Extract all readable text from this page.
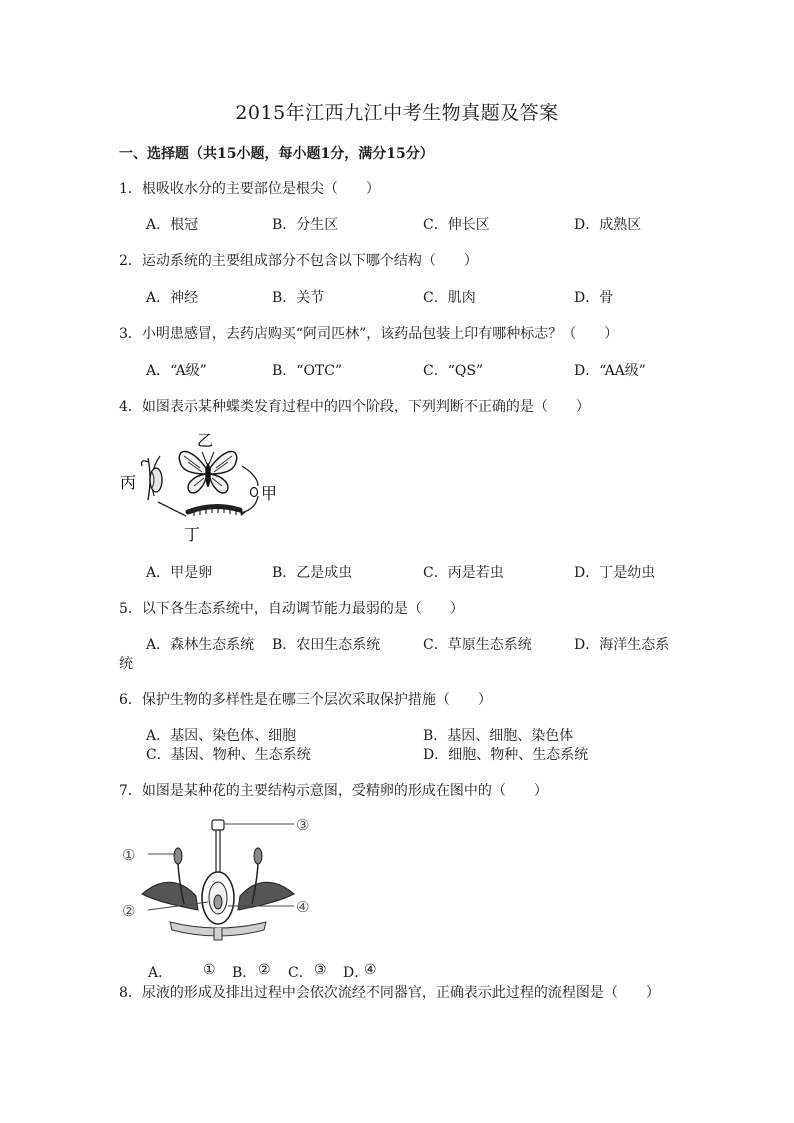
2015年江西九江中考生物真题及答案
一、选择题（共15小题，每小题1分，满分15分）
1．根吸收水分的主要部位是根尖（　　）
A．根冠	B．分生区	C．伸长区	D．成熟区
2．运动系统的主要组成部分不包含以下哪个结构（　　）
A．神经	B．关节	C．肌肉	D．骨
3．小明患感冒，去药店购买“阿司匹林”，该药品包装上印有哪种标志？（　　）
A．“A级”	B．“OTC”	C．“QS”	D．“AA级”
4．如图表示某种蝶类发育过程中的四个阶段，下列判断不正确的是（　　）
乙
丙
甲
丁
A．甲是卵	B．乙是成虫	C．丙是若虫	D．丁是幼虫
5．以下各生态系统中，自动调节能力最弱的是（　　）
A．森林生态系统 B．农田生态系统	C．草原生态系统	D．海洋生态系
统
6．保护生物的多样性是在哪三个层次采取保护措施（　　）
A．基因、染色体、细胞	B．基因、细胞、染色体
C．基因、物种、生态系统	D．细胞、物种、生态系统
7．如图是某种花的主要结构示意图，受精卵的形成在图中的（　　）
①
②
③
④
A． ① B． ② C． ③ D．
④
8．尿液的形成及排出过程中会依次流经不同器官，正确表示此过程的流程图是（　　）
